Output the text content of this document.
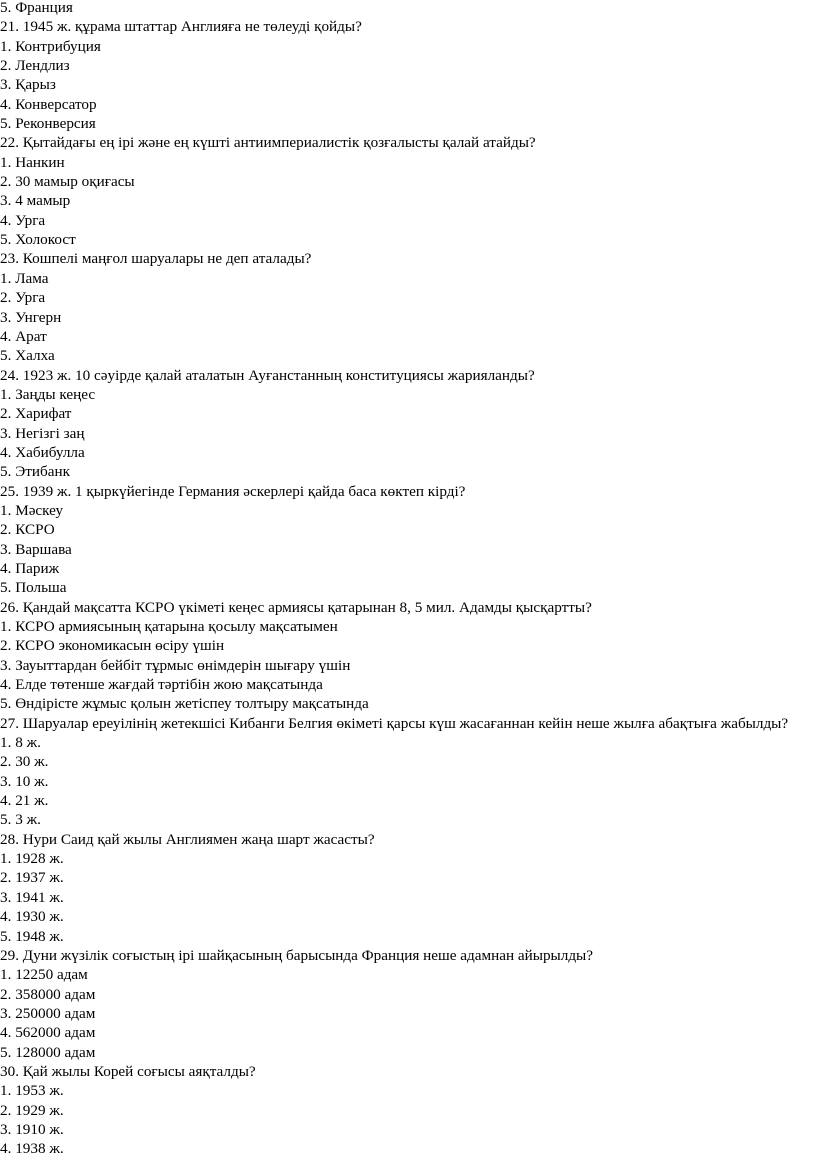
5. Франция
21. 1945 ж. құрама штаттар Англияға не төлеуді қойды?
1. Контрибуция
2. Лендлиз
3. Қарыз
4. Конверсатор
5. Реконверсия
22. Қытайдағы ең ірі және ең күшті антиимпериалистік қозғалысты қалай атайды?
1. Нанкин
2. 30 мамыр оқиғасы
3. 4 мамыр
4. Урга
5. Холокост
23. Кошпелі маңғол шаруалары не деп аталады?
1. Лама
2. Урга
3. Унгерн
4. Арат
5. Халха
24. 1923 ж. 10 сәуірде қалай аталатын Ауғанстанның конституциясы жарияланды?
1. Заңды кеңес
2. Харифат
3. Негізгі заң
4. Хабибулла
5. Этибанк
25. 1939 ж. 1 қыркүйегінде Германия әскерлері қайда баса көктеп кірді?
1. Мәскеу
2. КСРО
3. Варшава
4. Париж
5. Польша
26. Қандай мақсатта КСРО үкіметі кеңес армиясы қатарынан 8, 5 мил. Адамды қысқартты?
1. КСРО армиясының қатарына қосылу мақсатымен
2. КСРО экономикасын өсіру үшін
3. Зауыттардан бейбіт тұрмыс өнімдерін шығару үшін
4. Елде төтенше жағдай тәртібін жою мақсатында
5. Өндірісте жұмыс қолын жетіспеу толтыру мақсатында
27. Шаруалар ереуілінің жетекшісі Кибанги Белгия өкіметі қарсы күш жасағаннан кейін неше жылға абақтыға жабылды?
1. 8 ж.
2. 30 ж.
3. 10 ж.
4. 21 ж.
5. 3 ж.
28. Нури Саид қай жылы Англиямен жаңа шарт жасасты?
1. 1928 ж.
2. 1937 ж.
3. 1941 ж.
4. 1930 ж.
5. 1948 ж.
29. Дуни жүзілік соғыстың ірі шайқасының барысында Франция неше адамнан айырылды?
1. 12250 адам
2. 358000 адам
3. 250000 адам
4. 562000 адам
5. 128000 адам
30. Қай жылы Корей соғысы аяқталды?
1. 1953 ж.
2. 1929 ж.
3. 1910 ж.
4. 1938 ж.
